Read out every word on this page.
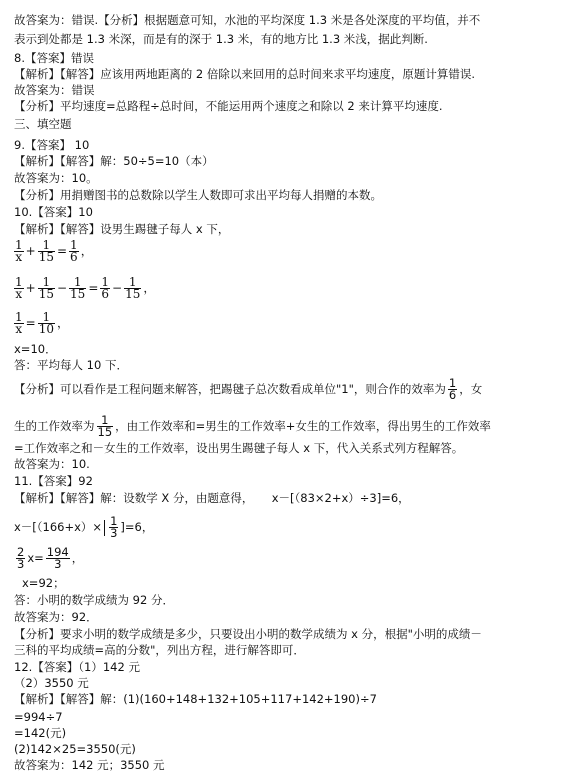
故答案为：错误.【分析】根据题意可知，水池的平均深度 1.3 米是各处深度的平均值，并不
表示到处都是 1.3 米深，而是有的深于 1.3 米，有的地方比 1.3 米浅，据此判断.
8.【答案】错误
【解析】【解答】应该用两地距离的 2 倍除以来回用的总时间来求平均速度，原题计算错误.
故答案为：错误
【分析】平均速度=总路程÷总时间，不能运用两个速度之和除以 2 来计算平均速度.
三、填空题
9.【答案】 10
【解析】【解答】解：50÷5=10（本）
故答案为：10。
【分析】用捐赠图书的总数除以学生人数即可求出平均每人捐赠的本数。
10.【答案】10
【解析】【解答】设男生踢毽子每人 x 下，
$\frac{1}{x} + \frac{1}{15} = \frac{1}{6}$ ，
$\frac{1}{x} + \frac{1}{15} - \frac{1}{15} = \frac{1}{6} - \frac{1}{15}$ ，
$\frac{1}{x} = \frac{1}{10}$ ，
x=10．
答：平均每人 10 下．
【分析】可以看作是工程问题来解答，把踢毽子总次数看成单位"1"，则合作的效率为 $\frac{1}{6}$ ，女
生的工作效率为 $\frac{1}{15}$ ，由工作效率和=男生的工作效率+女生的工作效率，得出男生的工作效率
=工作效率之和－女生的工作效率，设出男生踢毽子每人 x 下，代入关系式列方程解答。
故答案为：10.
11.【答案】92
【解析】【解答】解：设数学 X 分，由题意得， x－[（83×2+x）÷3]=6，
$x-[(166+x)\times \frac{1}{3} ]=6$，
$\frac{2}{3} x= \frac{194}{3}$ ，
x=92；
答：小明的数学成绩为 92 分．
故答案为：92．
【分析】要求小明的数学成绩是多少，只要设出小明的数学成绩为 x 分，根据"小明的成绩－
三科的平均成绩=高的分数"，列出方程，进行解答即可．
12.【答案】（1）142 元
（2）3550 元
【解析】【解答】解：(1)(160+148+132+105+117+142+190)÷7
=994÷7
=142(元)
(2)142×25=3550(元)
故答案为：142 元；3550 元
